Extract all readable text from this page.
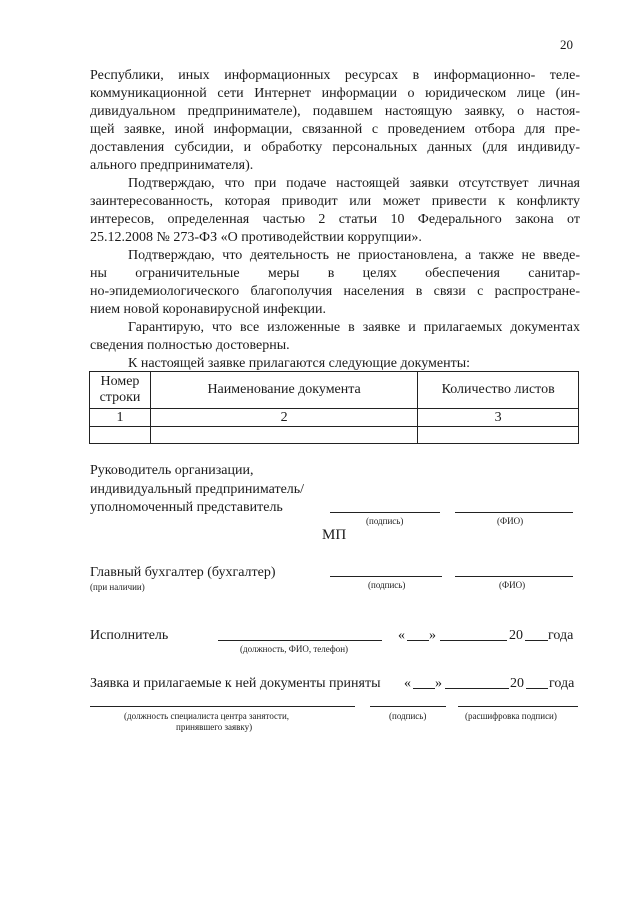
20
Республики, иных информационных ресурсах в информационно- теле-
коммуникационной сети Интернет информации о юридическом лице (ин-
дивидуальном предпринимателе), подавшем настоящую заявку, о настоя-
щей заявке, иной информации, связанной с проведением отбора для пре-
доставления субсидии, и обработку персональных данных (для индивиду-
ального предпринимателя).
Подтверждаю, что при подаче настоящей заявки отсутствует личная
заинтересованность, которая приводит или может привести к конфликту
интересов, определенная частью 2 статьи 10 Федерального закона от
25.12.2008 № 273-ФЗ «О противодействии коррупции».
Подтверждаю, что деятельность не приостановлена, а также не введе-
ны ограничительные меры в целях обеспечения санитар-
но-эпидемиологического благополучия населения в связи с распростране-
нием новой коронавирусной инфекции.
Гарантирую, что все изложенные в заявке и прилагаемых документах
сведения полностью достоверны.
К настоящей заявке прилагаются следующие документы:
Номер строки	Наименование документа	Количество листов
1	2	3

Руководитель организации,
индивидуальный предприниматель/
уполномоченный представитель
(подпись)	(ФИО)
МП
Главный бухгалтер (бухгалтер)
(при наличии)	(подпись)	(ФИО)
Исполнитель
(должность, ФИО, телефон)
« »	20 года
Заявка и прилагаемые к ней документы приняты « »	20 года
(должность специалиста центра занятости,
принявшего заявку)
(подпись)	(расшифровка подписи)
